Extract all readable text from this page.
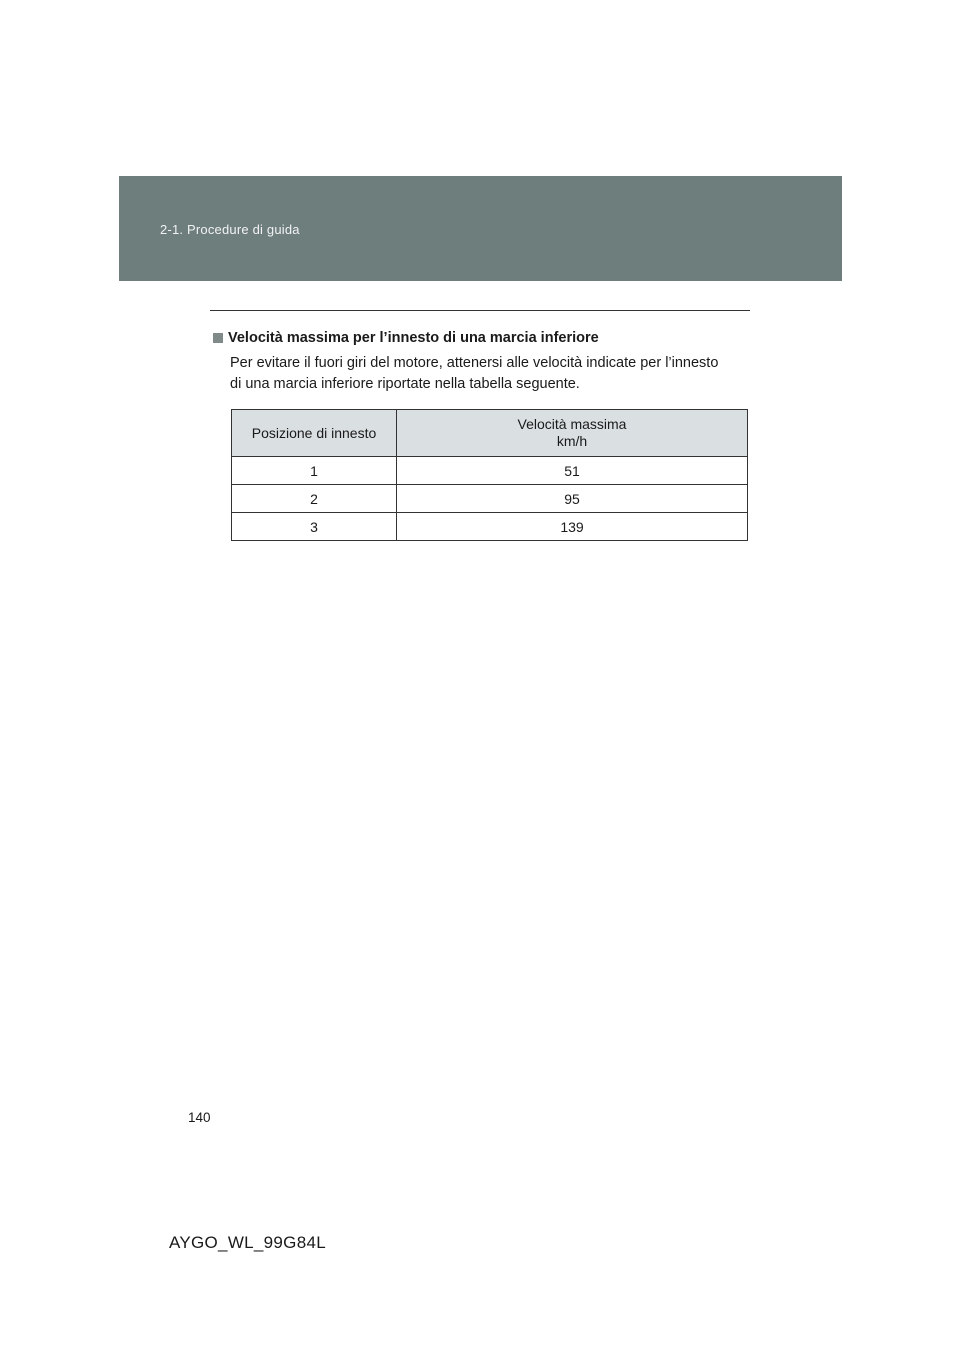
2-1. Procedure di guida
Velocità massima per l’innesto di una marcia inferiore
Per evitare il fuori giri del motore, attenersi alle velocità indicate per l’innesto
di una marcia inferiore riportate nella tabella seguente.
Posizione di innesto	Velocità massima
km/h
1	51
2	95
3	139
140
AYGO_WL_99G84L
